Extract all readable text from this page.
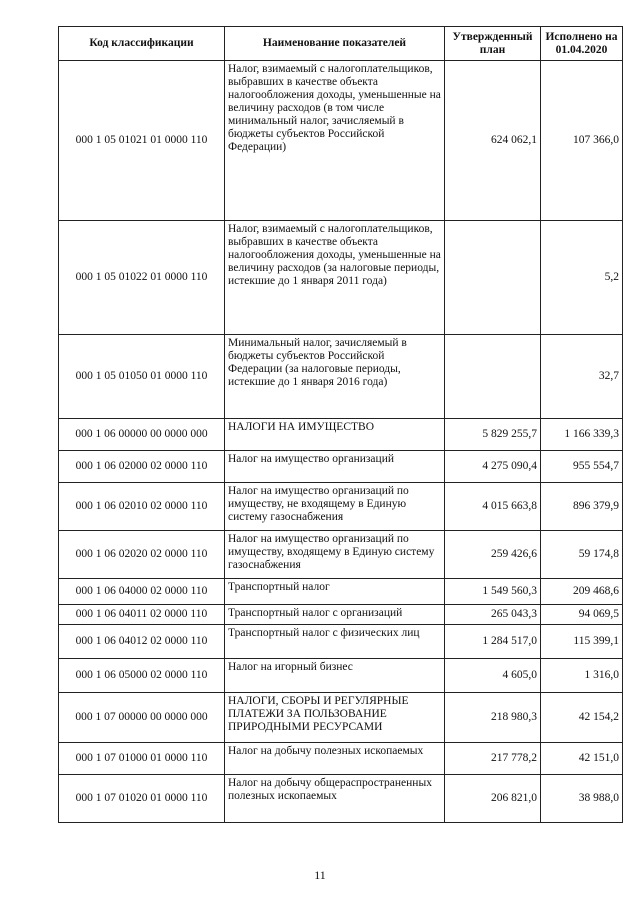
Код классификации	Наименование показателей	Утвержденный план	Исполнено на 01.04.2020
000 1 05 01021 01 0000 110	Налог, взимаемый с налогоплательщиков, выбравших в качестве объекта налогообложения доходы, уменьшенные на величину расходов (в том числе минимальный налог, зачисляемый в бюджеты субъектов Российской Федерации)	624 062,1	107 366,0
000 1 05 01022 01 0000 110	Налог, взимаемый с налогоплательщиков, выбравших в качестве объекта налогообложения доходы, уменьшенные на величину расходов (за налоговые периоды, истекшие до 1 января 2011 года)		5,2
000 1 05 01050 01 0000 110	Минимальный налог, зачисляемый в бюджеты субъектов Российской Федерации (за налоговые периоды, истекшие до 1 января 2016 года)		32,7
000 1 06 00000 00 0000 000	НАЛОГИ НА ИМУЩЕСТВО	5 829 255,7	1 166 339,3
000 1 06 02000 02 0000 110	Налог на имущество организаций	4 275 090,4	955 554,7
000 1 06 02010 02 0000 110	Налог на имущество организаций по имуществу, не входящему в Единую систему газоснабжения	4 015 663,8	896 379,9
000 1 06 02020 02 0000 110	Налог на имущество организаций по имуществу, входящему в Единую систему газоснабжения	259 426,6	59 174,8
000 1 06 04000 02 0000 110	Транспортный налог	1 549 560,3	209 468,6
000 1 06 04011 02 0000 110	Транспортный налог с организаций	265 043,3	94 069,5
000 1 06 04012 02 0000 110	Транспортный налог с физических лиц	1 284 517,0	115 399,1
000 1 06 05000 02 0000 110	Налог на игорный бизнес	4 605,0	1 316,0
000 1 07 00000 00 0000 000	НАЛОГИ, СБОРЫ И РЕГУЛЯРНЫЕ ПЛАТЕЖИ ЗА ПОЛЬЗОВАНИЕ ПРИРОДНЫМИ РЕСУРСАМИ	218 980,3	42 154,2
000 1 07 01000 01 0000 110	Налог на добычу полезных ископаемых	217 778,2	42 151,0
000 1 07 01020 01 0000 110	Налог на добычу общераспространенных полезных ископаемых	206 821,0	38 988,0
11
